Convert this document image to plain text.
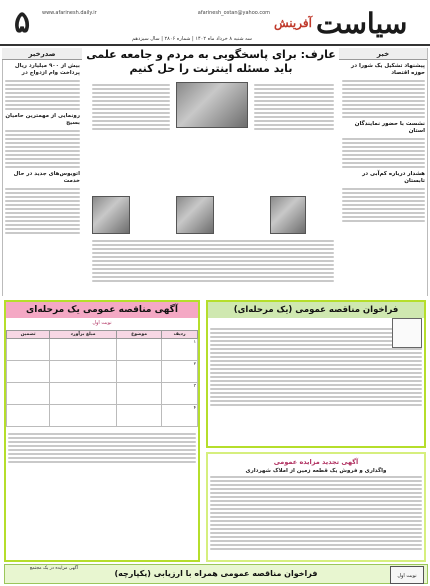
۵	سیاست
آفرینش
www.afarinesh.daily.ir	afarinesh_ostan@yahoo.com
سه شنبه ۸ خرداد ماه ۱۴۰۲ | شماره ۲۸۰۶ | سال سیزدهم
صدرخبر
بیش از ۹۰۰ میلیارد ریال پرداخت وام ازدواج در
رونمایی از مهمترین حامیان بسیج
اتوبوس‌های جدید در حال خدمت
عارف: برای پاسخگویی به مردم و جامعه علمی
باید مسئله اینترنت را حل کنیم
خبر
پیشنهاد تشکیل یک شورا در حوزه اقتصاد
نشست با حضور نمایندگان استان
هشدار درباره کم‌آبی در تابستان
آگهی مناقصه عمومی یک مرحله‌ای
نوبت اول
ردیف	موضوع	مبلغ برآورد	تضمین
۱			
۲			
۳			
۴			
فراخوان مناقصه عمومی (یک مرحله‌ای)
آگهی تجدید مزایده عمومی
واگذاری و فروش یک قطعه زمین از املاک شهرداری
فراخوان مناقصه عمومی همراه با ارزیابی (یکپارچه)
آگهی مزایده در یک مجتمع
نوبت اول
